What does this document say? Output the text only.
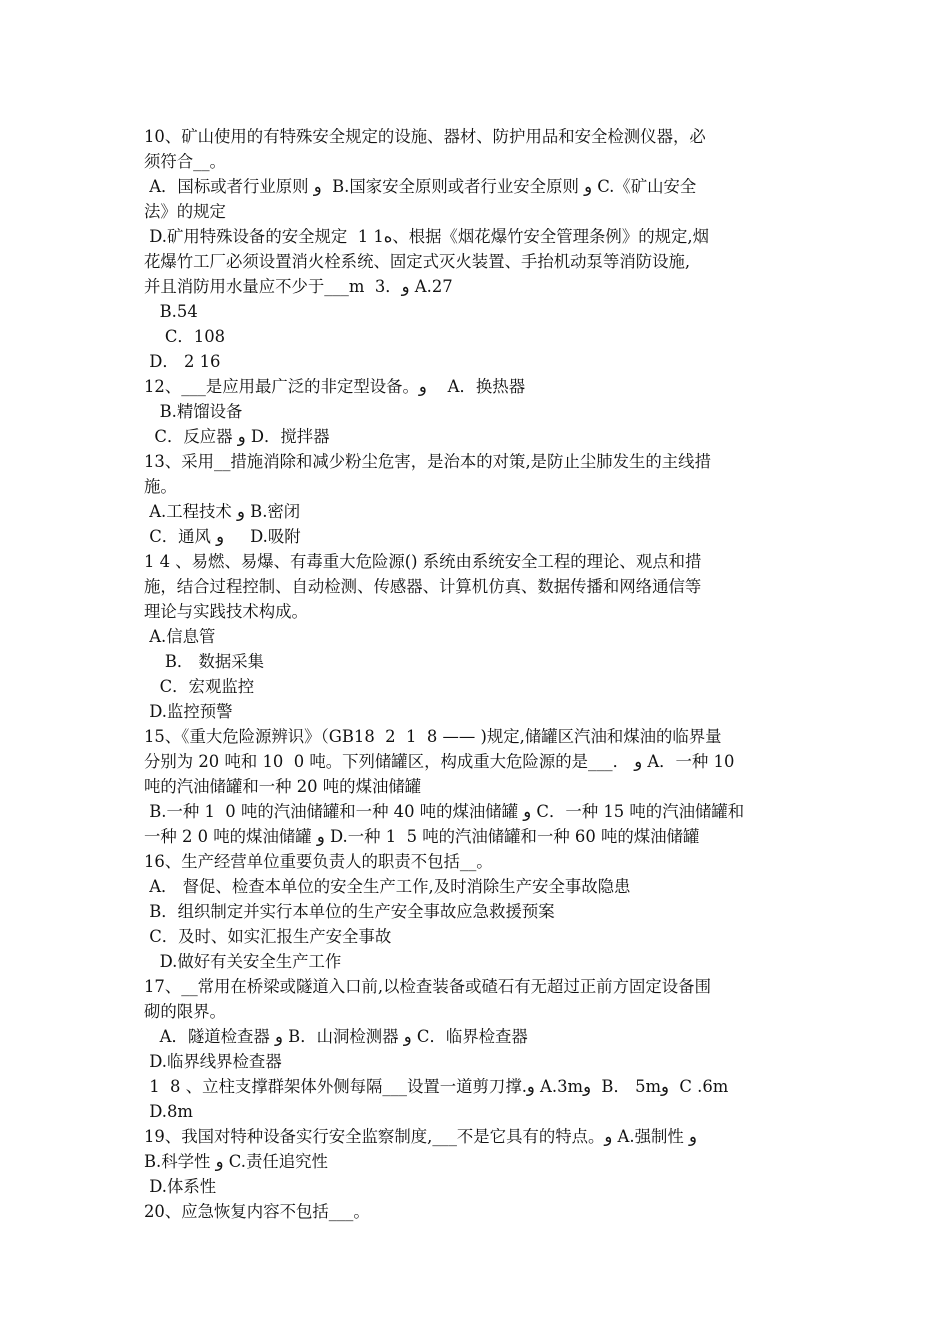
10、矿山使用的有特殊安全规定的设施、器材、防护用品和安全检测仪器，必
须符合__。
A．国标或者行业原则 و  B.国家安全原则或者行业安全原则 و C.《矿山安全
法》的规定
D.矿用特殊设备的安全规定  1 1ﻩ、根据《烟花爆竹安全管理条例》的规定,烟
花爆竹工厂必须设置消火栓系统、固定式灭火装置、手抬机动泵等消防设施,
并且消防用水量应不少于___m  3．و A.27
B.54
C．108
D． 2 16
12、___是应用最广泛的非定型设备。و    A．换热器
B.精馏设备
C．反应器 و D．搅拌器
13、采用__措施消除和减少粉尘危害，是治本的对策,是防止尘肺发生的主线措
施。
A.工程技术 و B.密闭
C．通风 و     D.吸附
1 4 、易燃、易爆、有毒重大危险源() 系统由系统安全工程的理论、观点和措
施，结合过程控制、自动检测、传感器、计算机仿真、数据传播和网络通信等
理论与实践技术构成。
A.信息管
B． 数据采集
C．宏观监控
D.监控预警
15、《重大危险源辨识》（GB18  2  1  8 —— )规定,储罐区汽油和煤油的临界量
分别为 20 吨和 10  0 吨。下列储罐区，构成重大危险源的是___． و A．一种 10
吨的汽油储罐和一种 20 吨的煤油储罐
B.一种 1  0 吨的汽油储罐和一种 40 吨的煤油储罐 و C．一种 15 吨的汽油储罐和
一种 2 0 吨的煤油储罐 و D.一种 1  5 吨的汽油储罐和一种 60 吨的煤油储罐
16、生产经营单位重要负责人的职责不包括__。
A． 督促、检查本单位的安全生产工作,及时消除生产安全事故隐患
B．组织制定并实行本单位的生产安全事故应急救援预案
C．及时、如实汇报生产安全事故
D.做好有关安全生产工作
17、__常用在桥梁或隧道入口前,以检查装备或碴石有无超过正前方固定设备围
砌的限界。
A．隧道检查器 و B．山洞检测器 و C．临界检查器
D.临界线界检查器
1  8 、立柱支撑群架体外侧每隔___设置一道剪刀撑.و A.3mو  B． 5mو  C .6m
D.8m
19、我国对特种设备实行安全监察制度,___不是它具有的特点。و A.强制性 و
B.科学性 و C.责任追究性
D.体系性
20、应急恢复内容不包括___。
